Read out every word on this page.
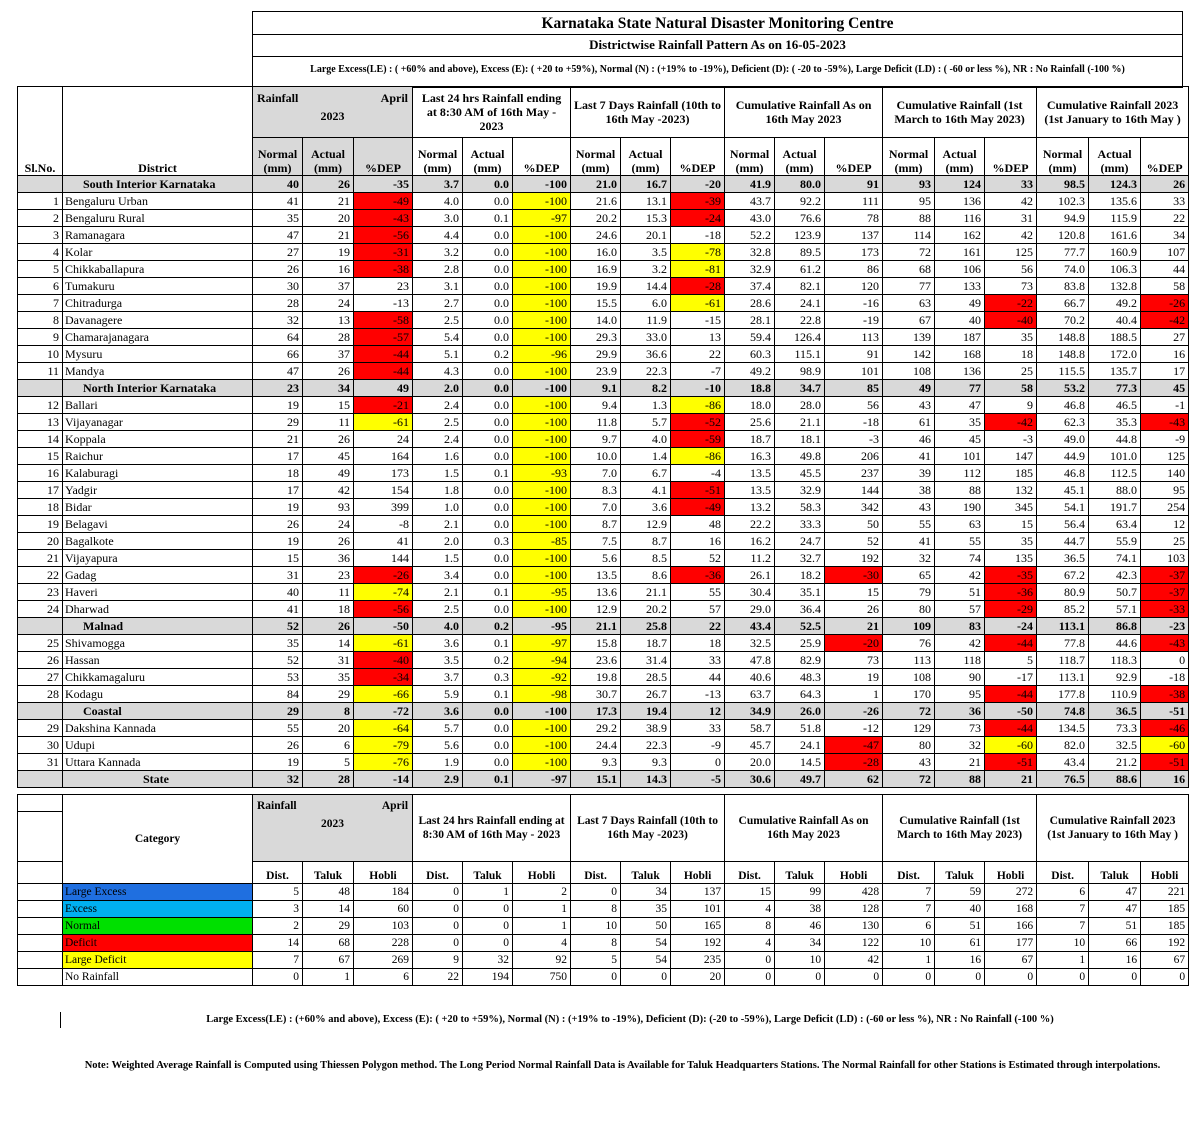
Karnataka State Natural Disaster Monitoring Centre
Districtwise Rainfall Pattern As on 16-05-2023
Large Excess(LE) : ( +60% and above), Excess (E): ( +20 to +59%), Normal (N) : (+19% to -19%), Deficient (D): ( -20 to -59%), Large Deficit (LD) : ( -60 or less %), NR : No Rainfall (-100 %)
Sl.No.	District	Rainfall April
2023			Last 24 hrs Rainfall ending at 8:30 AM of 16th May - 2023			Last 7 Days Rainfall (10th to 16th May -2023)			Cumulative Rainfall As on 16th May 2023			Cumulative Rainfall (1st March to 16th May 2023)			Cumulative Rainfall 2023 (1st January to 16th May )		
		Normal (mm)	Actual (mm)	%DEP	Normal (mm)	Actual (mm)	%DEP	Normal (mm)	Actual (mm)	%DEP	Normal (mm)	Actual (mm)	%DEP	Normal (mm)	Actual (mm)	%DEP	Normal (mm)	Actual (mm)	%DEP
	South Interior Karnataka	40	26	-35	3.7	0.0	-100	21.0	16.7	-20	41.9	80.0	91	93	124	33	98.5	124.3	26
1	Bengaluru Urban	41	21	-49	4.0	0.0	-100	21.6	13.1	-39	43.7	92.2	111	95	136	42	102.3	135.6	33
2	Bengaluru Rural	35	20	-43	3.0	0.1	-97	20.2	15.3	-24	43.0	76.6	78	88	116	31	94.9	115.9	22
3	Ramanagara	47	21	-56	4.4	0.0	-100	24.6	20.1	-18	52.2	123.9	137	114	162	42	120.8	161.6	34
4	Kolar	27	19	-31	3.2	0.0	-100	16.0	3.5	-78	32.8	89.5	173	72	161	125	77.7	160.9	107
5	Chikkaballapura	26	16	-38	2.8	0.0	-100	16.9	3.2	-81	32.9	61.2	86	68	106	56	74.0	106.3	44
6	Tumakuru	30	37	23	3.1	0.0	-100	19.9	14.4	-28	37.4	82.1	120	77	133	73	83.8	132.8	58
7	Chitradurga	28	24	-13	2.7	0.0	-100	15.5	6.0	-61	28.6	24.1	-16	63	49	-22	66.7	49.2	-26
8	Davanagere	32	13	-58	2.5	0.0	-100	14.0	11.9	-15	28.1	22.8	-19	67	40	-40	70.2	40.4	-42
9	Chamarajanagara	64	28	-57	5.4	0.0	-100	29.3	33.0	13	59.4	126.4	113	139	187	35	148.8	188.5	27
10	Mysuru	66	37	-44	5.1	0.2	-96	29.9	36.6	22	60.3	115.1	91	142	168	18	148.8	172.0	16
11	Mandya	47	26	-44	4.3	0.0	-100	23.9	22.3	-7	49.2	98.9	101	108	136	25	115.5	135.7	17
	North Interior Karnataka	23	34	49	2.0	0.0	-100	9.1	8.2	-10	18.8	34.7	85	49	77	58	53.2	77.3	45
12	Ballari	19	15	-21	2.4	0.0	-100	9.4	1.3	-86	18.0	28.0	56	43	47	9	46.8	46.5	-1
13	Vijayanagar	29	11	-61	2.5	0.0	-100	11.8	5.7	-52	25.6	21.1	-18	61	35	-42	62.3	35.3	-43
14	Koppala	21	26	24	2.4	0.0	-100	9.7	4.0	-59	18.7	18.1	-3	46	45	-3	49.0	44.8	-9
15	Raichur	17	45	164	1.6	0.0	-100	10.0	1.4	-86	16.3	49.8	206	41	101	147	44.9	101.0	125
16	Kalaburagi	18	49	173	1.5	0.1	-93	7.0	6.7	-4	13.5	45.5	237	39	112	185	46.8	112.5	140
17	Yadgir	17	42	154	1.8	0.0	-100	8.3	4.1	-51	13.5	32.9	144	38	88	132	45.1	88.0	95
18	Bidar	19	93	399	1.0	0.0	-100	7.0	3.6	-49	13.2	58.3	342	43	190	345	54.1	191.7	254
19	Belagavi	26	24	-8	2.1	0.0	-100	8.7	12.9	48	22.2	33.3	50	55	63	15	56.4	63.4	12
20	Bagalkote	19	26	41	2.0	0.3	-85	7.5	8.7	16	16.2	24.7	52	41	55	35	44.7	55.9	25
21	Vijayapura	15	36	144	1.5	0.0	-100	5.6	8.5	52	11.2	32.7	192	32	74	135	36.5	74.1	103
22	Gadag	31	23	-26	3.4	0.0	-100	13.5	8.6	-36	26.1	18.2	-30	65	42	-35	67.2	42.3	-37
23	Haveri	40	11	-74	2.1	0.1	-95	13.6	21.1	55	30.4	35.1	15	79	51	-36	80.9	50.7	-37
24	Dharwad	41	18	-56	2.5	0.0	-100	12.9	20.2	57	29.0	36.4	26	80	57	-29	85.2	57.1	-33
	Malnad	52	26	-50	4.0	0.2	-95	21.1	25.8	22	43.4	52.5	21	109	83	-24	113.1	86.8	-23
25	Shivamogga	35	14	-61	3.6	0.1	-97	15.8	18.7	18	32.5	25.9	-20	76	42	-44	77.8	44.6	-43
26	Hassan	52	31	-40	3.5	0.2	-94	23.6	31.4	33	47.8	82.9	73	113	118	5	118.7	118.3	0
27	Chikkamagaluru	53	35	-34	3.7	0.3	-92	19.8	28.5	44	40.6	48.3	19	108	90	-17	113.1	92.9	-18
28	Kodagu	84	29	-66	5.9	0.1	-98	30.7	26.7	-13	63.7	64.3	1	170	95	-44	177.8	110.9	-38
	Coastal	29	8	-72	3.6	0.0	-100	17.3	19.4	12	34.9	26.0	-26	72	36	-50	74.8	36.5	-51
29	Dakshina Kannada	55	20	-64	5.7	0.0	-100	29.2	38.9	33	58.7	51.8	-12	129	73	-44	134.5	73.3	-46
30	Udupi	26	6	-79	5.6	0.0	-100	24.4	22.3	-9	45.7	24.1	-47	80	32	-60	82.0	32.5	-60
31	Uttara Kannada	19	5	-76	1.9	0.0	-100	9.3	9.3	0	20.0	14.5	-28	43	21	-51	43.4	21.2	-51
	State	32	28	-14	2.9	0.1	-97	15.1	14.3	-5	30.6	49.7	62	72	88	21	76.5	88.6	16
	Category	Rainfall April
2023			Last 24 hrs Rainfall ending at 8:30 AM of 16th May - 2023			Last 7 Days Rainfall (10th to 16th May -2023)			Cumulative Rainfall As on 16th May 2023			Cumulative Rainfall (1st March to 16th May 2023)			Cumulative Rainfall 2023 (1st January to 16th May )		

		Dist.	Taluk	Hobli	Dist.	Taluk	Hobli	Dist.	Taluk	Hobli	Dist.	Taluk	Hobli	Dist.	Taluk	Hobli	Dist.	Taluk	Hobli
	Large Excess	5	48	184	0	1	2	0	34	137	15	99	428	7	59	272	6	47	221
	Excess	3	14	60	0	0	1	8	35	101	4	38	128	7	40	168	7	47	185
	Normal	2	29	103	0	0	1	10	50	165	8	46	130	6	51	166	7	51	185
	Deficit	14	68	228	0	0	4	8	54	192	4	34	122	10	61	177	10	66	192
	Large Deficit	7	67	269	9	32	92	5	54	235	0	10	42	1	16	67	1	16	67
	No Rainfall	0	1	6	22	194	750	0	0	20	0	0	0	0	0	0	0	0	0
Large Excess(LE) : (+60% and above), Excess (E): ( +20 to +59%), Normal (N) : (+19% to -19%), Deficient (D): (-20 to -59%), Large Deficit (LD) : (-60 or less %), NR : No Rainfall (-100 %)
Note: Weighted Average Rainfall is Computed using Thiessen Polygon method. The Long Period Normal Rainfall Data is Available for Taluk Headquarters Stations. The Normal Rainfall for other Stations is Estimated through interpolations.
